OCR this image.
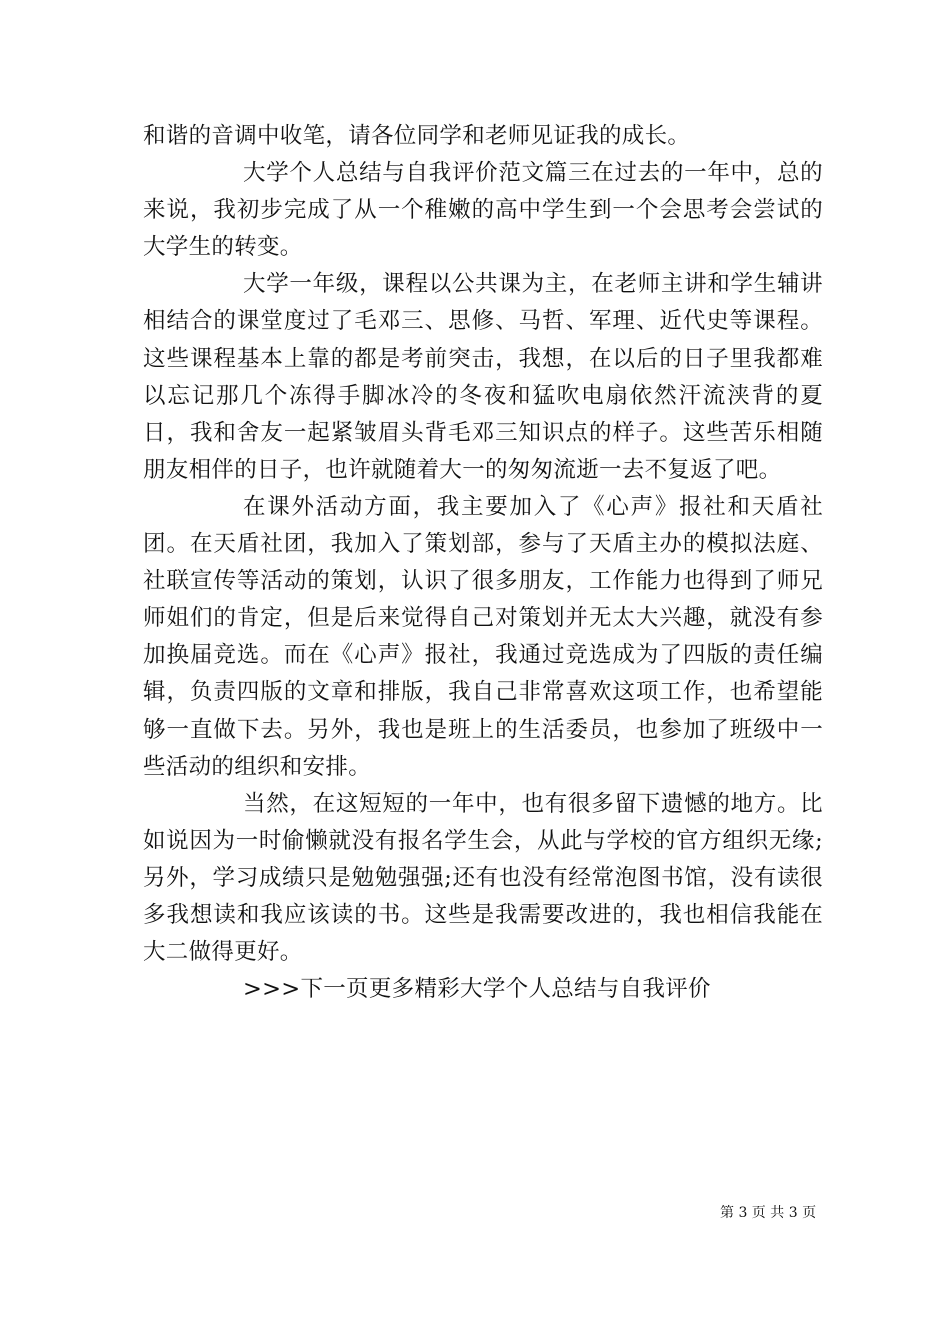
和谐的音调中收笔，请各位同学和老师见证我的成长。

大学个人总结与自我评价范文篇三在过去的一年中，总的来说，我初步完成了从一个稚嫩的高中学生到一个会思考会尝试的大学生的转变。

大学一年级，课程以公共课为主，在老师主讲和学生辅讲相结合的课堂度过了毛邓三、思修、马哲、军理、近代史等课程。这些课程基本上靠的都是考前突击，我想，在以后的日子里我都难以忘记那几个冻得手脚冰冷的冬夜和猛吹电扇依然汗流浃背的夏日，我和舍友一起紧皱眉头背毛邓三知识点的样子。这些苦乐相随朋友相伴的日子，也许就随着大一的匆匆流逝一去不复返了吧。

在课外活动方面，我主要加入了《心声》报社和天盾社团。在天盾社团，我加入了策划部，参与了天盾主办的模拟法庭、社联宣传等活动的策划，认识了很多朋友，工作能力也得到了师兄师姐们的肯定，但是后来觉得自己对策划并无太大兴趣，就没有参加换届竞选。而在《心声》报社，我通过竞选成为了四版的责任编辑，负责四版的文章和排版，我自己非常喜欢这项工作，也希望能够一直做下去。另外，我也是班上的生活委员，也参加了班级中一些活动的组织和安排。

当然，在这短短的一年中，也有很多留下遗憾的地方。比如说因为一时偷懒就没有报名学生会，从此与学校的官方组织无缘;另外，学习成绩只是勉勉强强;还有也没有经常泡图书馆，没有读很多我想读和我应该读的书。这些是我需要改进的，我也相信我能在大二做得更好。

>>>下一页更多精彩大学个人总结与自我评价

第 3 页 共 3 页
